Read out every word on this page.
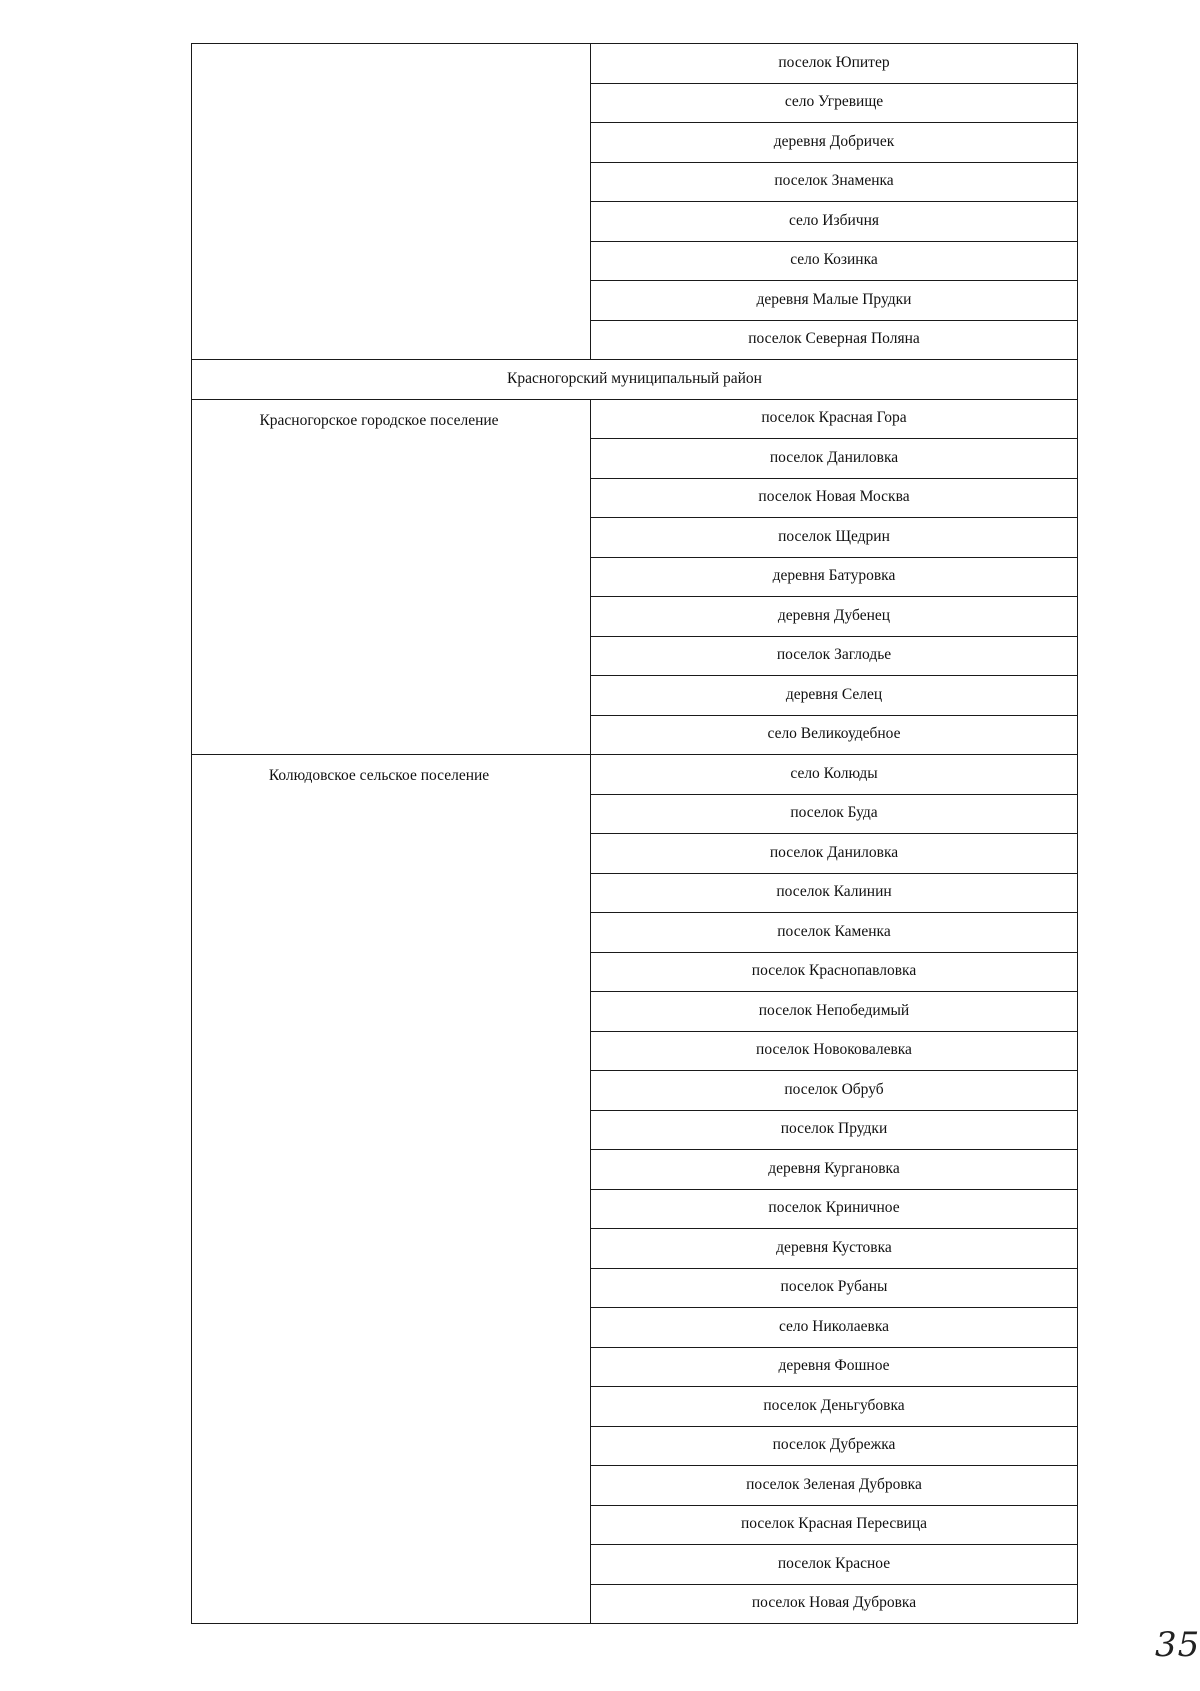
	поселок Юпитер
	село Угревище
	деревня Добричек
	поселок Знаменка
	село Избичня
	село Козинка
	деревня Малые Прудки
	поселок Северная Поляна
Красногорский муниципальный район	
Красногорское городское поселение	поселок Красная Гора
	поселок Даниловка
	поселок Новая Москва
	поселок Щедрин
	деревня Батуровка
	деревня Дубенец
	поселок Заглодье
	деревня Селец
	село Великоудебное
Колюдовское сельское поселение	село Колюды
	поселок Буда
	поселок Даниловка
	поселок Калинин
	поселок Каменка
	поселок Краснопавловка
	поселок Непобедимый
	поселок Новоковалевка
	поселок Обруб
	поселок Прудки
	деревня Кургановка
	поселок Криничное
	деревня Кустовка
	поселок Рубаны
	село Николаевка
	деревня Фошное
	поселок Деньгубовка
	поселок Дубрежка
	поселок Зеленая Дубровка
	поселок Красная Пересвица
	поселок Красное
	поселок Новая Дубровка
35
